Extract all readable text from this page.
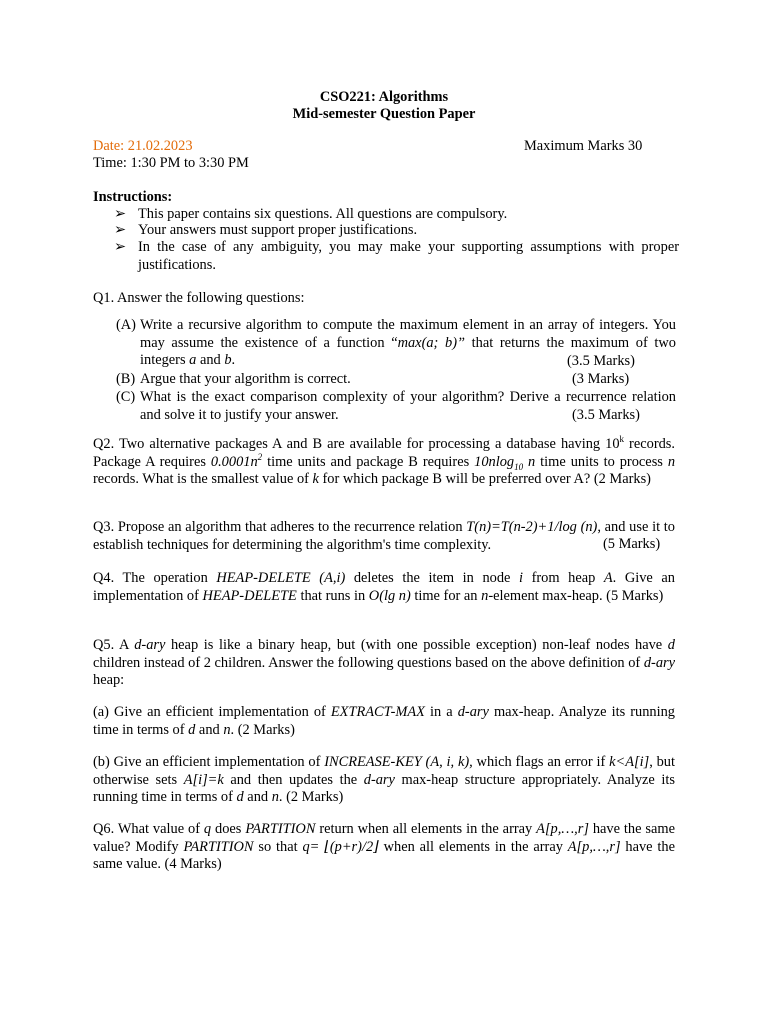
CSO221: Algorithms
Mid-semester Question Paper
Date: 21.02.2023	Maximum Marks 30
Time: 1:30 PM to 3:30 PM
Instructions:
➢ This paper contains six questions. All questions are compulsory.
➢ Your answers must support proper justifications.
➢ In the case of any ambiguity, you may make your supporting assumptions with proper justifications.
Q1. Answer the following questions:
(A) Write a recursive algorithm to compute the maximum element in an array of integers. You may assume the existence of a function “max(a; b)” that returns the maximum of two integers a and b.	(3.5 Marks)
(B) Argue that your algorithm is correct.	(3 Marks)
(C) What is the exact comparison complexity of your algorithm? Derive a recurrence relation and solve it to justify your answer.	(3.5 Marks)
Q2. Two alternative packages A and B are available for processing a database having 10$^k$ records. Package A requires $0.0001n^2$ time units and package B requires 10nlog$_{10}$ n time units to process n records. What is the smallest value of k for which package B will be preferred over A? (2 Marks)
Q3. Propose an algorithm that adheres to the recurrence relation T(n)=T(n-2)+1/log (n), and use it to establish techniques for determining the algorithm's time complexity.	(5 Marks)
Q4. The operation HEAP-DELETE (A,i) deletes the item in node i from heap A. Give an implementation of HEAP-DELETE that runs in O(lg n) time for an n-element max-heap. (5 Marks)
Q5. A d-ary heap is like a binary heap, but (with one possible exception) non-leaf nodes have d children instead of 2 children. Answer the following questions based on the above definition of d-ary heap:
(a) Give an efficient implementation of EXTRACT-MAX in a d-ary max-heap. Analyze its running time in terms of d and n. (2 Marks)
(b) Give an efficient implementation of INCREASE-KEY (A, i, k), which flags an error if k<A[i], but otherwise sets A[i]=k and then updates the d-ary max-heap structure appropriately. Analyze its running time in terms of d and n. (2 Marks)
Q6. What value of q does PARTITION return when all elements in the array A[p,…,r] have the same value? Modify PARTITION so that q= ⌊(p+r)/2⌋ when all elements in the array A[p,…,r] have the same value. (4 Marks)
